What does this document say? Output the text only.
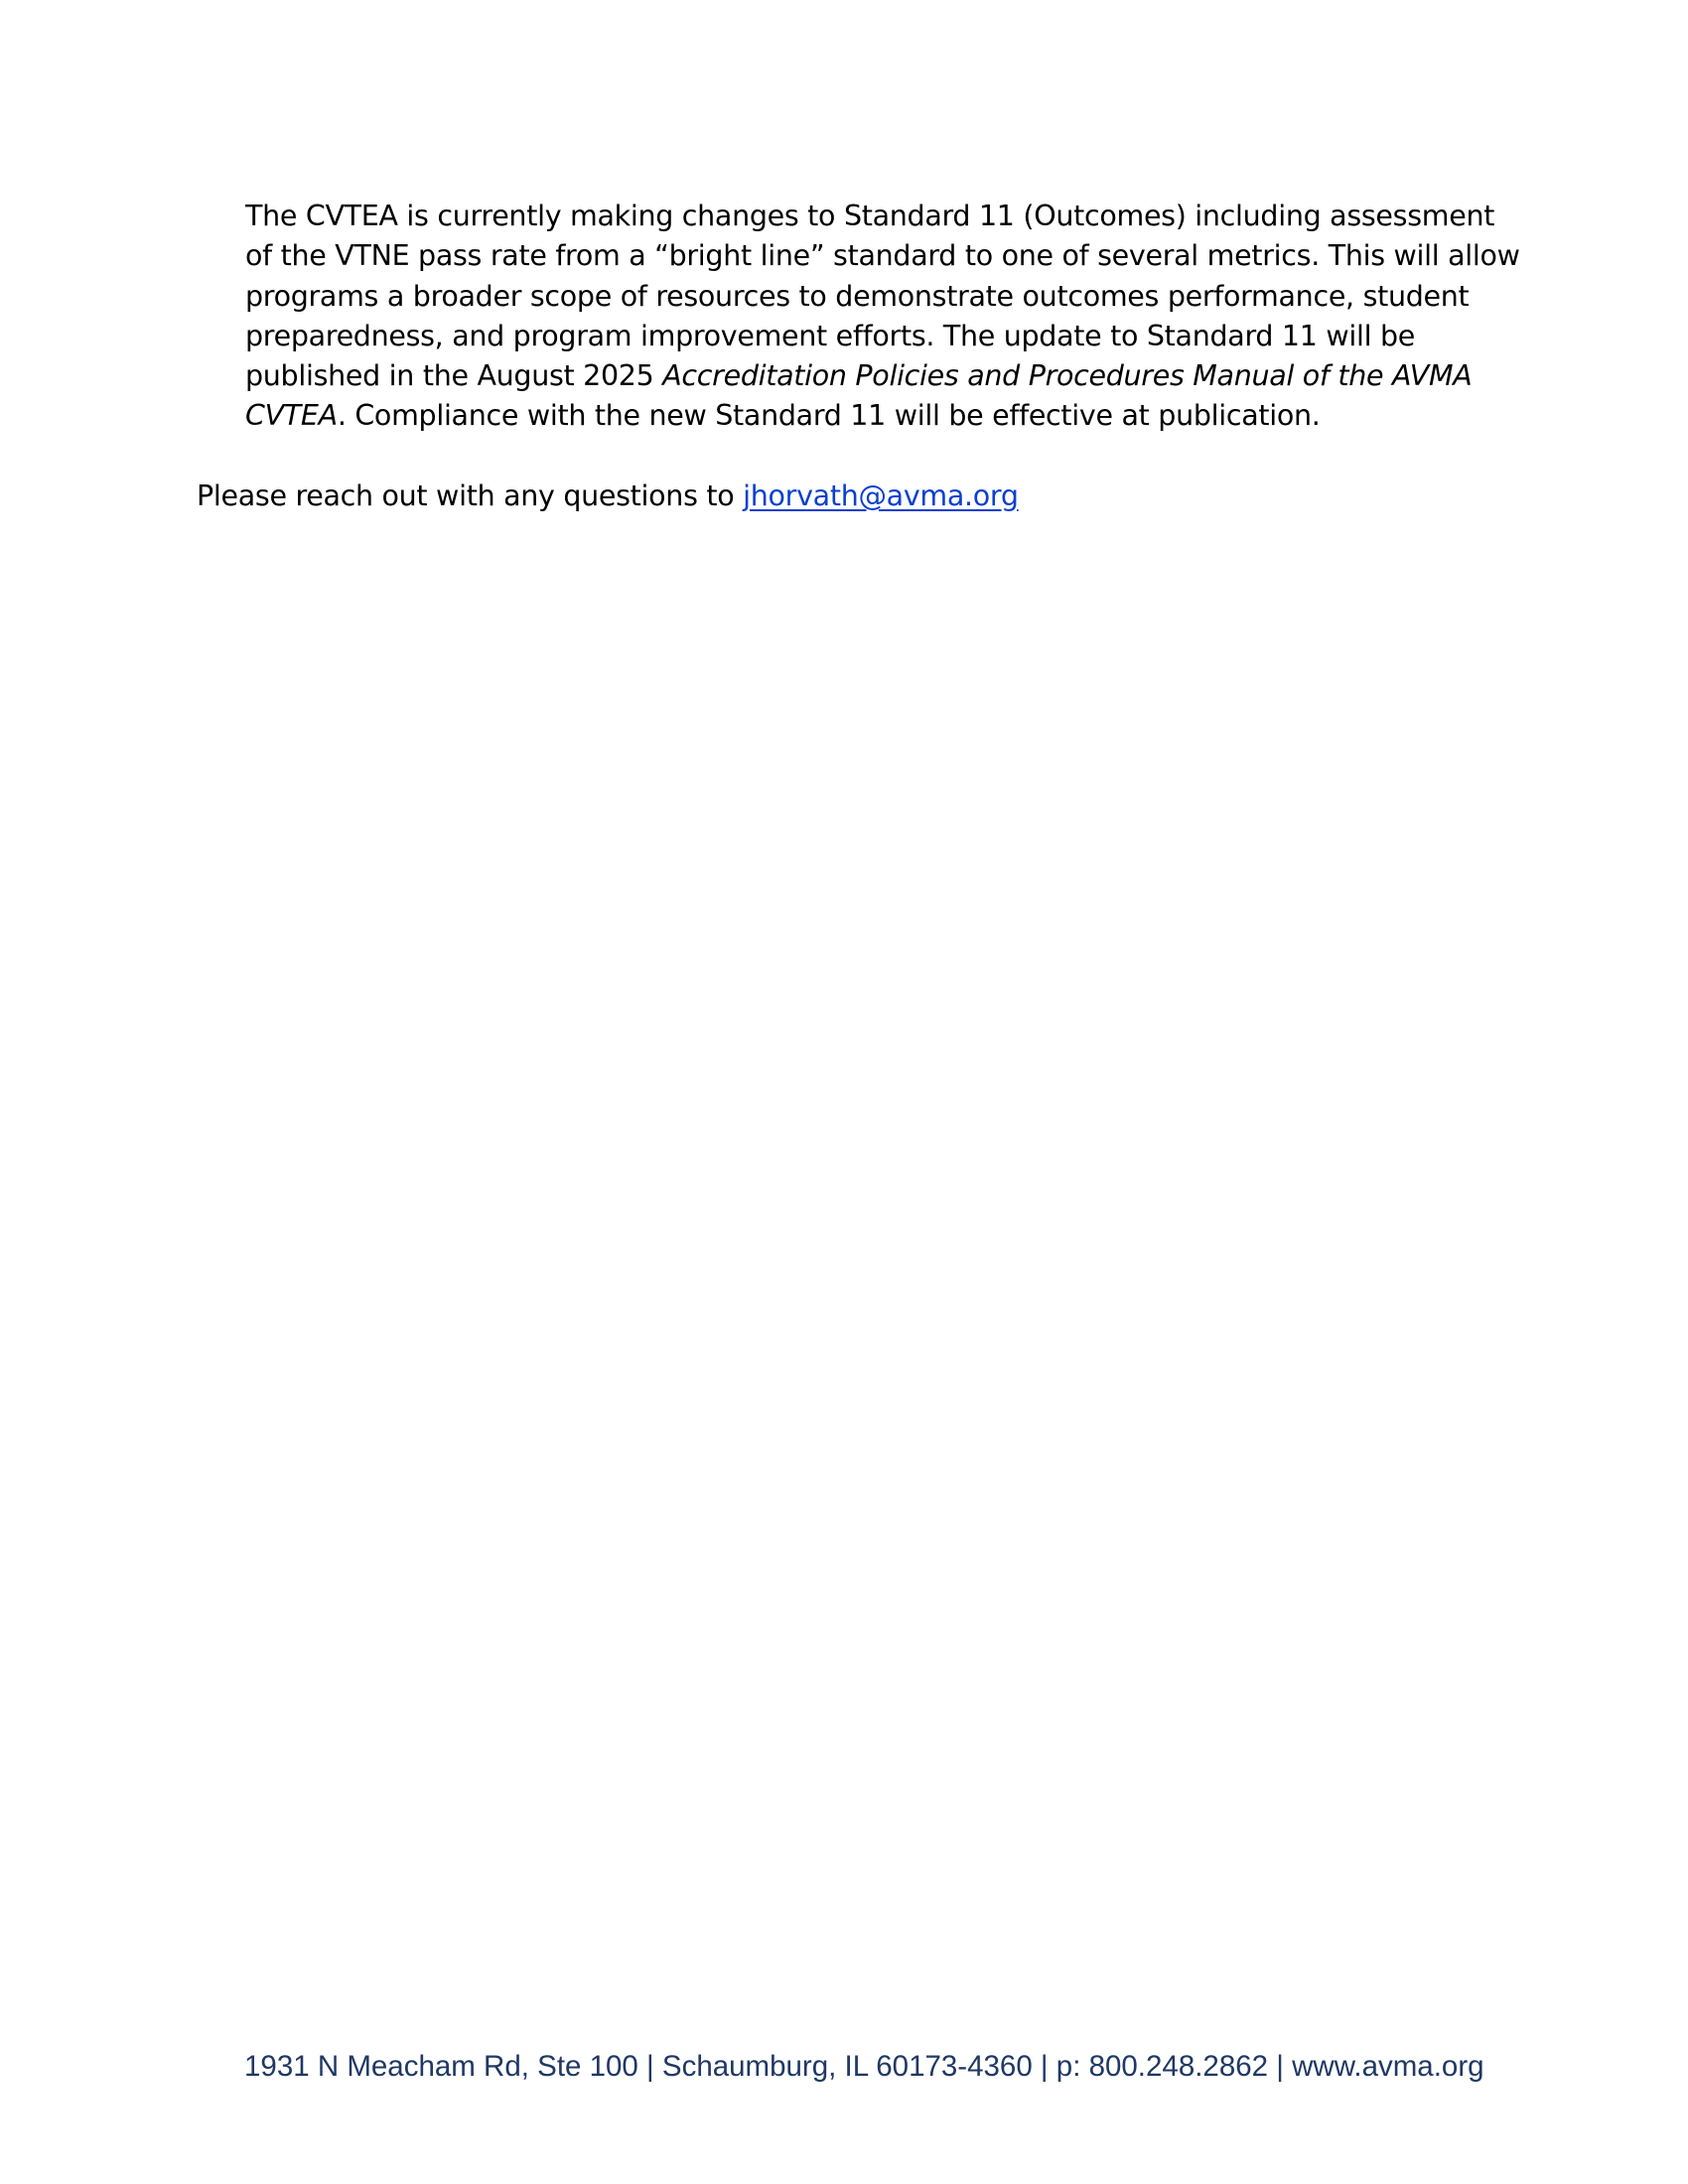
The CVTEA is currently making changes to Standard 11 (Outcomes) including assessment of the VTNE pass rate from a “bright line” standard to one of several metrics. This will allow programs a broader scope of resources to demonstrate outcomes performance, student preparedness, and program improvement efforts. The update to Standard 11 will be published in the August 2025 Accreditation Policies and Procedures Manual of the AVMA CVTEA. Compliance with the new Standard 11 will be effective at publication.

Please reach out with any questions to jhorvath@avma.org

1931 N Meacham Rd, Ste 100 | Schaumburg, IL 60173-4360 | p: 800.248.2862 | www.avma.org
